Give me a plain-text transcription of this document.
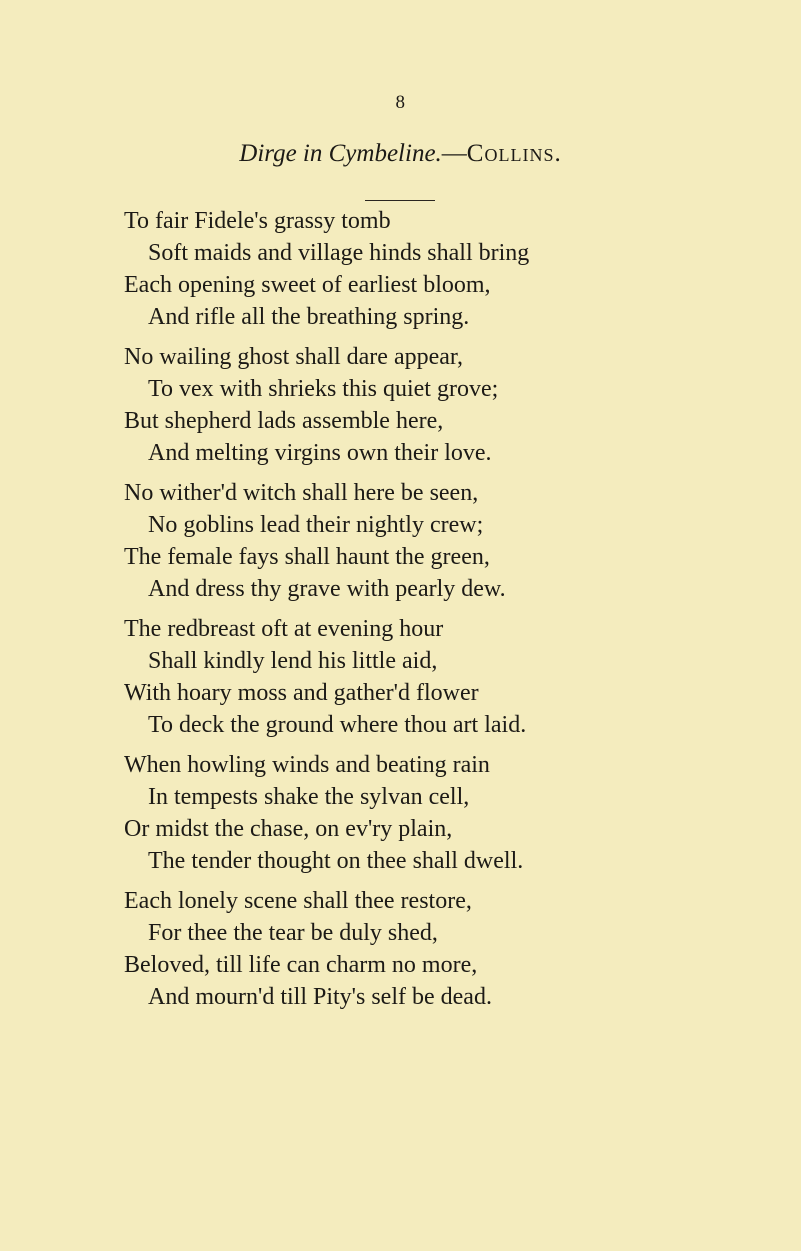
8
Dirge in Cymbeline.—Collins.
To fair Fidele's grassy tomb
Soft maids and village hinds shall bring
Each opening sweet of earliest bloom,
And rifle all the breathing spring.
No wailing ghost shall dare appear,
To vex with shrieks this quiet grove;
But shepherd lads assemble here,
And melting virgins own their love.
No wither'd witch shall here be seen,
No goblins lead their nightly crew;
The female fays shall haunt the green,
And dress thy grave with pearly dew.
The redbreast oft at evening hour
Shall kindly lend his little aid,
With hoary moss and gather'd flower
To deck the ground where thou art laid.
When howling winds and beating rain
In tempests shake the sylvan cell,
Or midst the chase, on ev'ry plain,
The tender thought on thee shall dwell.
Each lonely scene shall thee restore,
For thee the tear be duly shed,
Beloved, till life can charm no more,
And mourn'd till Pity's self be dead.
